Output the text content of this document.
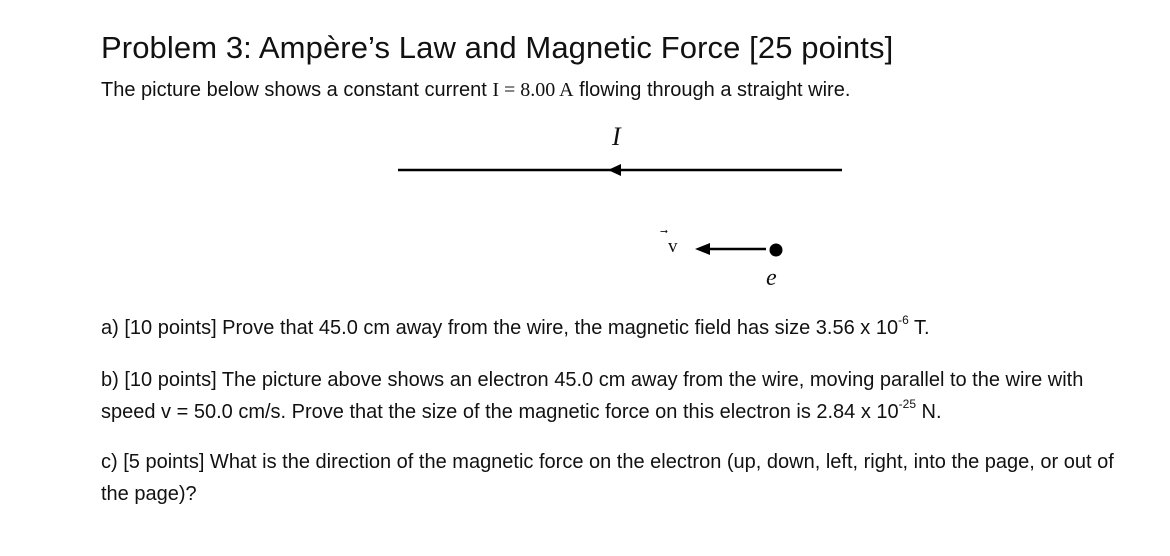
Problem 3: Ampère’s Law and Magnetic Force [25 points]
The picture below shows a constant current I = 8.00 A flowing through a straight wire.
I
v
e
a) [10 points] Prove that 45.0 cm away from the wire, the magnetic field has size 3.56 x $10^{-6}$ T.
b) [10 points] The picture above shows an electron 45.0 cm away from the wire, moving parallel to the wire with speed v = 50.0 cm/s. Prove that the size of the magnetic force on this electron is 2.84 x $10^{-25}$ N.
c) [5 points] What is the direction of the magnetic force on the electron (up, down, left, right, into the page, or out of the page)?
